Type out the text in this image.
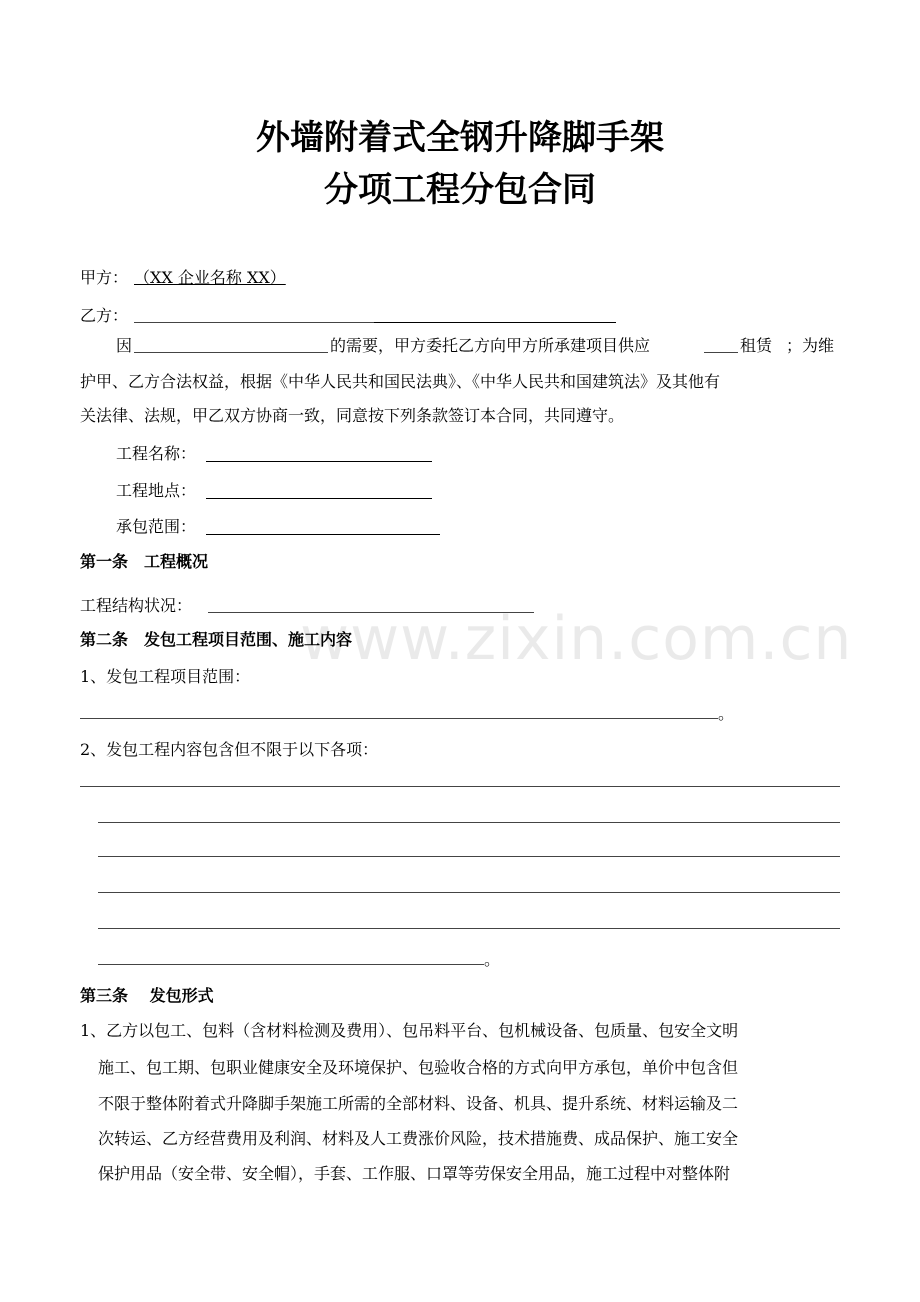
外墙附着式全钢升降脚手架
分项工程分包合同
甲方： （XX 企业名称 XX）
乙方：
因	的需要，甲方委托乙方向甲方所承建项目供应	租赁 ；为维
护甲、乙方合法权益，根据《中华人民共和国民法典》、《中华人民共和国建筑法》及其他有
关法律、法规，甲乙双方协商一致，同意按下列条款签订本合同，共同遵守。
工程名称：
工程地点：
承包范围：
第一条　工程概况
工程结构状况： www.zixin.com.cn
第二条　发包工程项目范围、施工内容
1、发包工程项目范围：
。
2、发包工程内容包含但不限于以下各项：
。
第三条　 发包形式
1、乙方以包工、包料（含材料检测及费用）、包吊料平台、包机械设备、包质量、包安全文明
施工、包工期、包职业健康安全及环境保护、包验收合格的方式向甲方承包，单价中包含但
不限于整体附着式升降脚手架施工所需的全部材料、设备、机具、提升系统、材料运输及二
次转运、乙方经营费用及利润、材料及人工费涨价风险，技术措施费、成品保护、施工安全
保护用品（安全带、安全帽），手套、工作服、口罩等劳保安全用品，施工过程中对整体附
